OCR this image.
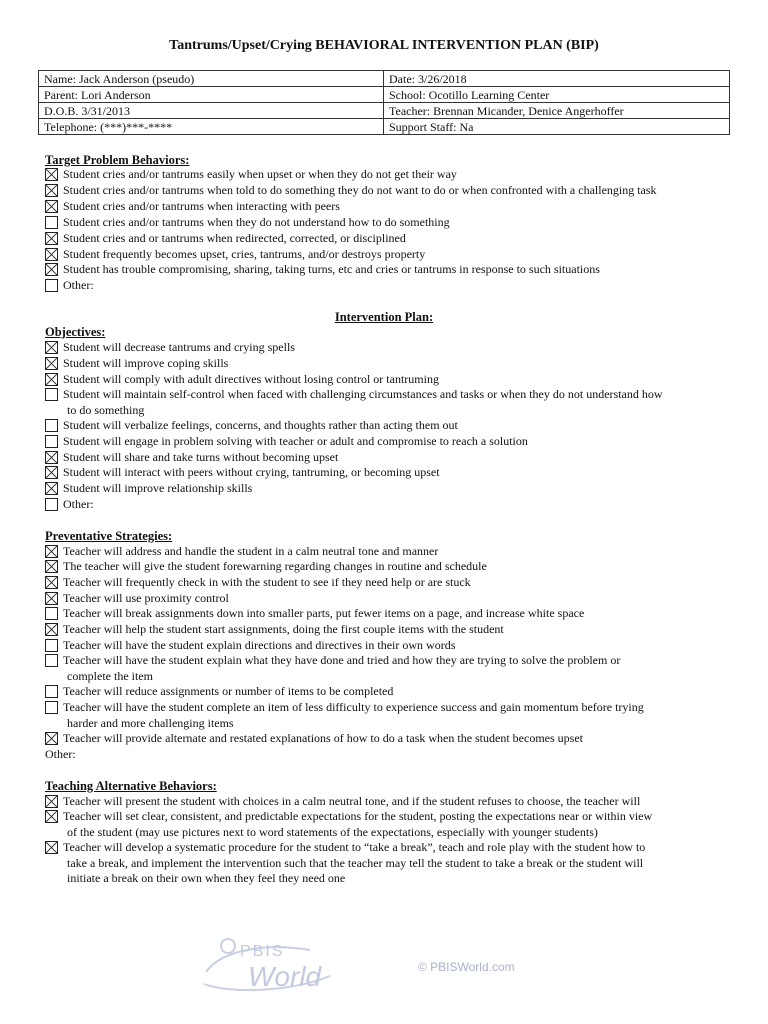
Tantrums/Upset/Crying BEHAVIORAL INTERVENTION PLAN (BIP)
Name: Jack Anderson (pseudo)	Date: 3/26/2018
Parent: Lori Anderson	School: Ocotillo Learning Center
D.O.B. 3/31/2013	Teacher: Brennan Micander, Denice Angerhoffer
Telephone: (***)***-****	Support Staff: Na
Target Problem Behaviors:
Student cries and/or tantrums easily when upset or when they do not get their way
Student cries and/or tantrums when told to do something they do not want to do or when confronted with a challenging task
Student cries and/or tantrums when interacting with peers
Student cries and/or tantrums when they do not understand how to do something
Student cries and or tantrums when redirected, corrected, or disciplined
Student frequently becomes upset, cries, tantrums, and/or destroys property
Student has trouble compromising, sharing, taking turns, etc and cries or tantrums in response to such situations
Other:
Intervention Plan:
Objectives:
Student will decrease tantrums and crying spells
Student will improve coping skills
Student will comply with adult directives without losing control or tantruming
Student will maintain self-control when faced with challenging circumstances and tasks or when they do not understand how
to do something
Student will verbalize feelings, concerns, and thoughts rather than acting them out
Student will engage in problem solving with teacher or adult and compromise to reach a solution
Student will share and take turns without becoming upset
Student will interact with peers without crying, tantruming, or becoming upset
Student will improve relationship skills
Other:
Preventative Strategies:
Teacher will address and handle the student in a calm neutral tone and manner
The teacher will give the student forewarning regarding changes in routine and schedule
Teacher will frequently check in with the student to see if they need help or are stuck
Teacher will use proximity control
Teacher will break assignments down into smaller parts, put fewer items on a page, and increase white space
Teacher will help the student start assignments, doing the first couple items with the student
Teacher will have the student explain directions and directives in their own words
Teacher will have the student explain what they have done and tried and how they are trying to solve the problem or
complete the item
Teacher will reduce assignments or number of items to be completed
Teacher will have the student complete an item of less difficulty to experience success and gain momentum before trying
harder and more challenging items
Teacher will provide alternate and restated explanations of how to do a task when the student becomes upset
Other:
Teaching Alternative Behaviors:
Teacher will present the student with choices in a calm neutral tone, and if the student refuses to choose, the teacher will
Teacher will set clear, consistent, and predictable expectations for the student, posting the expectations near or within view
of the student (may use pictures next to word statements of the expectations, especially with younger students)
Teacher will develop a systematic procedure for the student to “take a break”, teach and role play with the student how to
take a break, and implement the intervention such that the teacher may tell the student to take a break or the student will
initiate a break on their own when they feel they need one
PBIS
World	© PBISWorld.com
